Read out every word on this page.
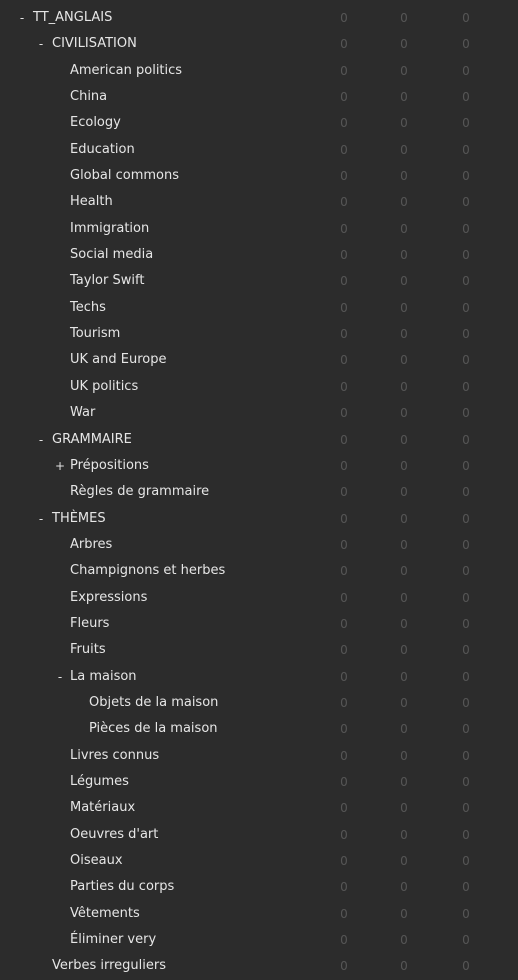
- TT_ANGLAIS	0	0	0
- CIVILISATION	0	0	0
American politics	0	0	0
China	0	0	0
Ecology	0	0	0
Education	0	0	0
Global commons	0	0	0
Health	0	0	0
Immigration	0	0	0
Social media	0	0	0
Taylor Swift	0	0	0
Techs	0	0	0
Tourism	0	0	0
UK and Europe	0	0	0
UK politics	0	0	0
War	0	0	0
- GRAMMAIRE	0	0	0
+ Prépositions	0	0	0
Règles de grammaire	0	0	0
- THÈMES	0	0	0
Arbres	0	0	0
Champignons et herbes	0	0	0
Expressions	0	0	0
Fleurs	0	0	0
Fruits	0	0	0
- La maison	0	0	0
Objets de la maison	0	0	0
Pièces de la maison	0	0	0
Livres connus	0	0	0
Légumes	0	0	0
Matériaux	0	0	0
Oeuvres d'art	0	0	0
Oiseaux	0	0	0
Parties du corps	0	0	0
Vêtements	0	0	0
Éliminer very	0	0	0
Verbes irreguliers	0	0	0
